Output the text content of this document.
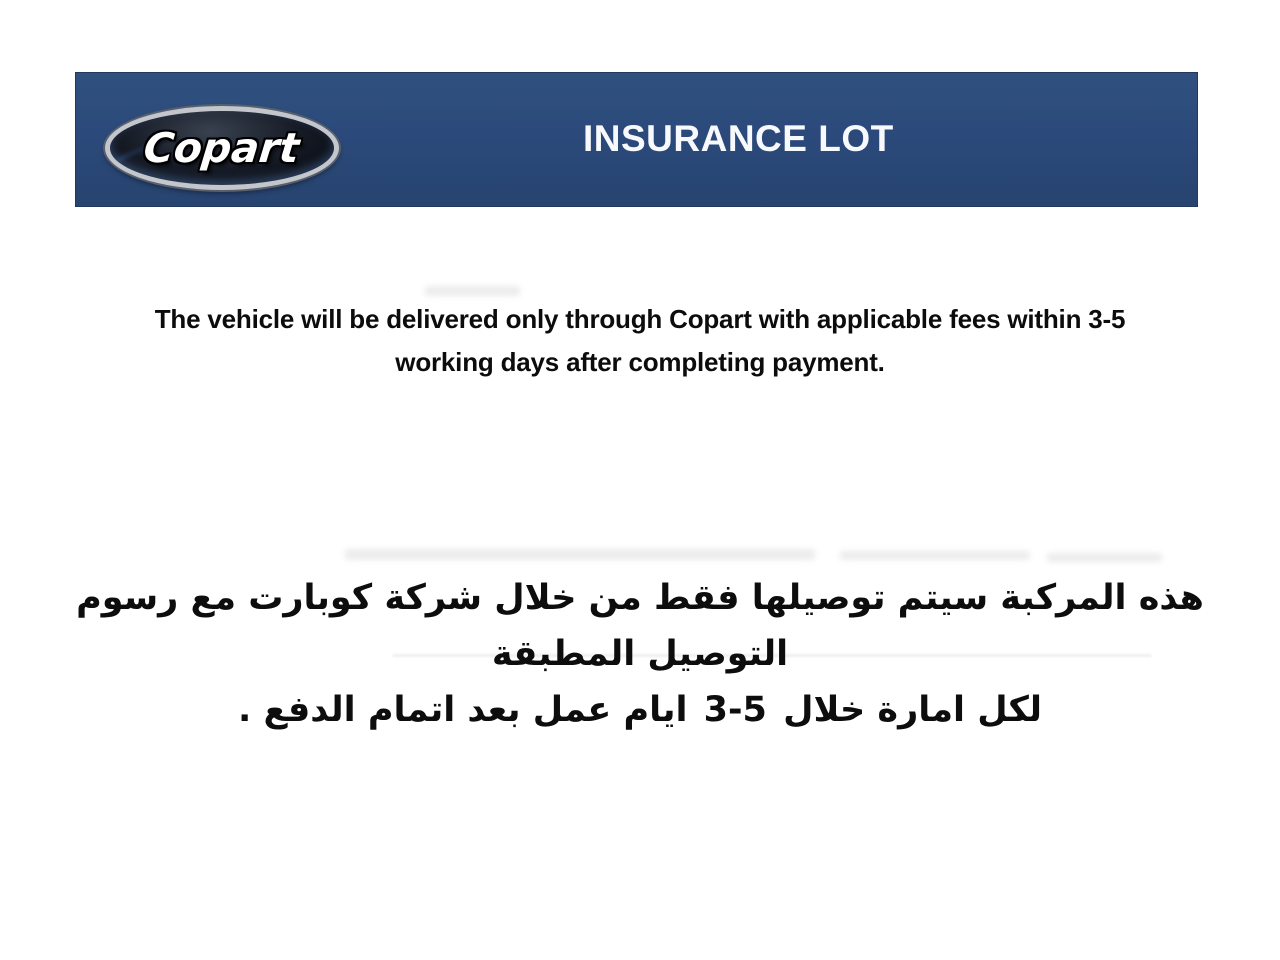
Copart	INSURANCE LOT

The vehicle will be delivered only through Copart with applicable fees within 3-5
working days after completing payment.

هذه المركبة سيتم توصيلها فقط من خلال شركة كوبارت مع رسوم التوصيل المطبقة
لكل امارة خلال 3-5 ايام عمل بعد اتمام الدفع .
